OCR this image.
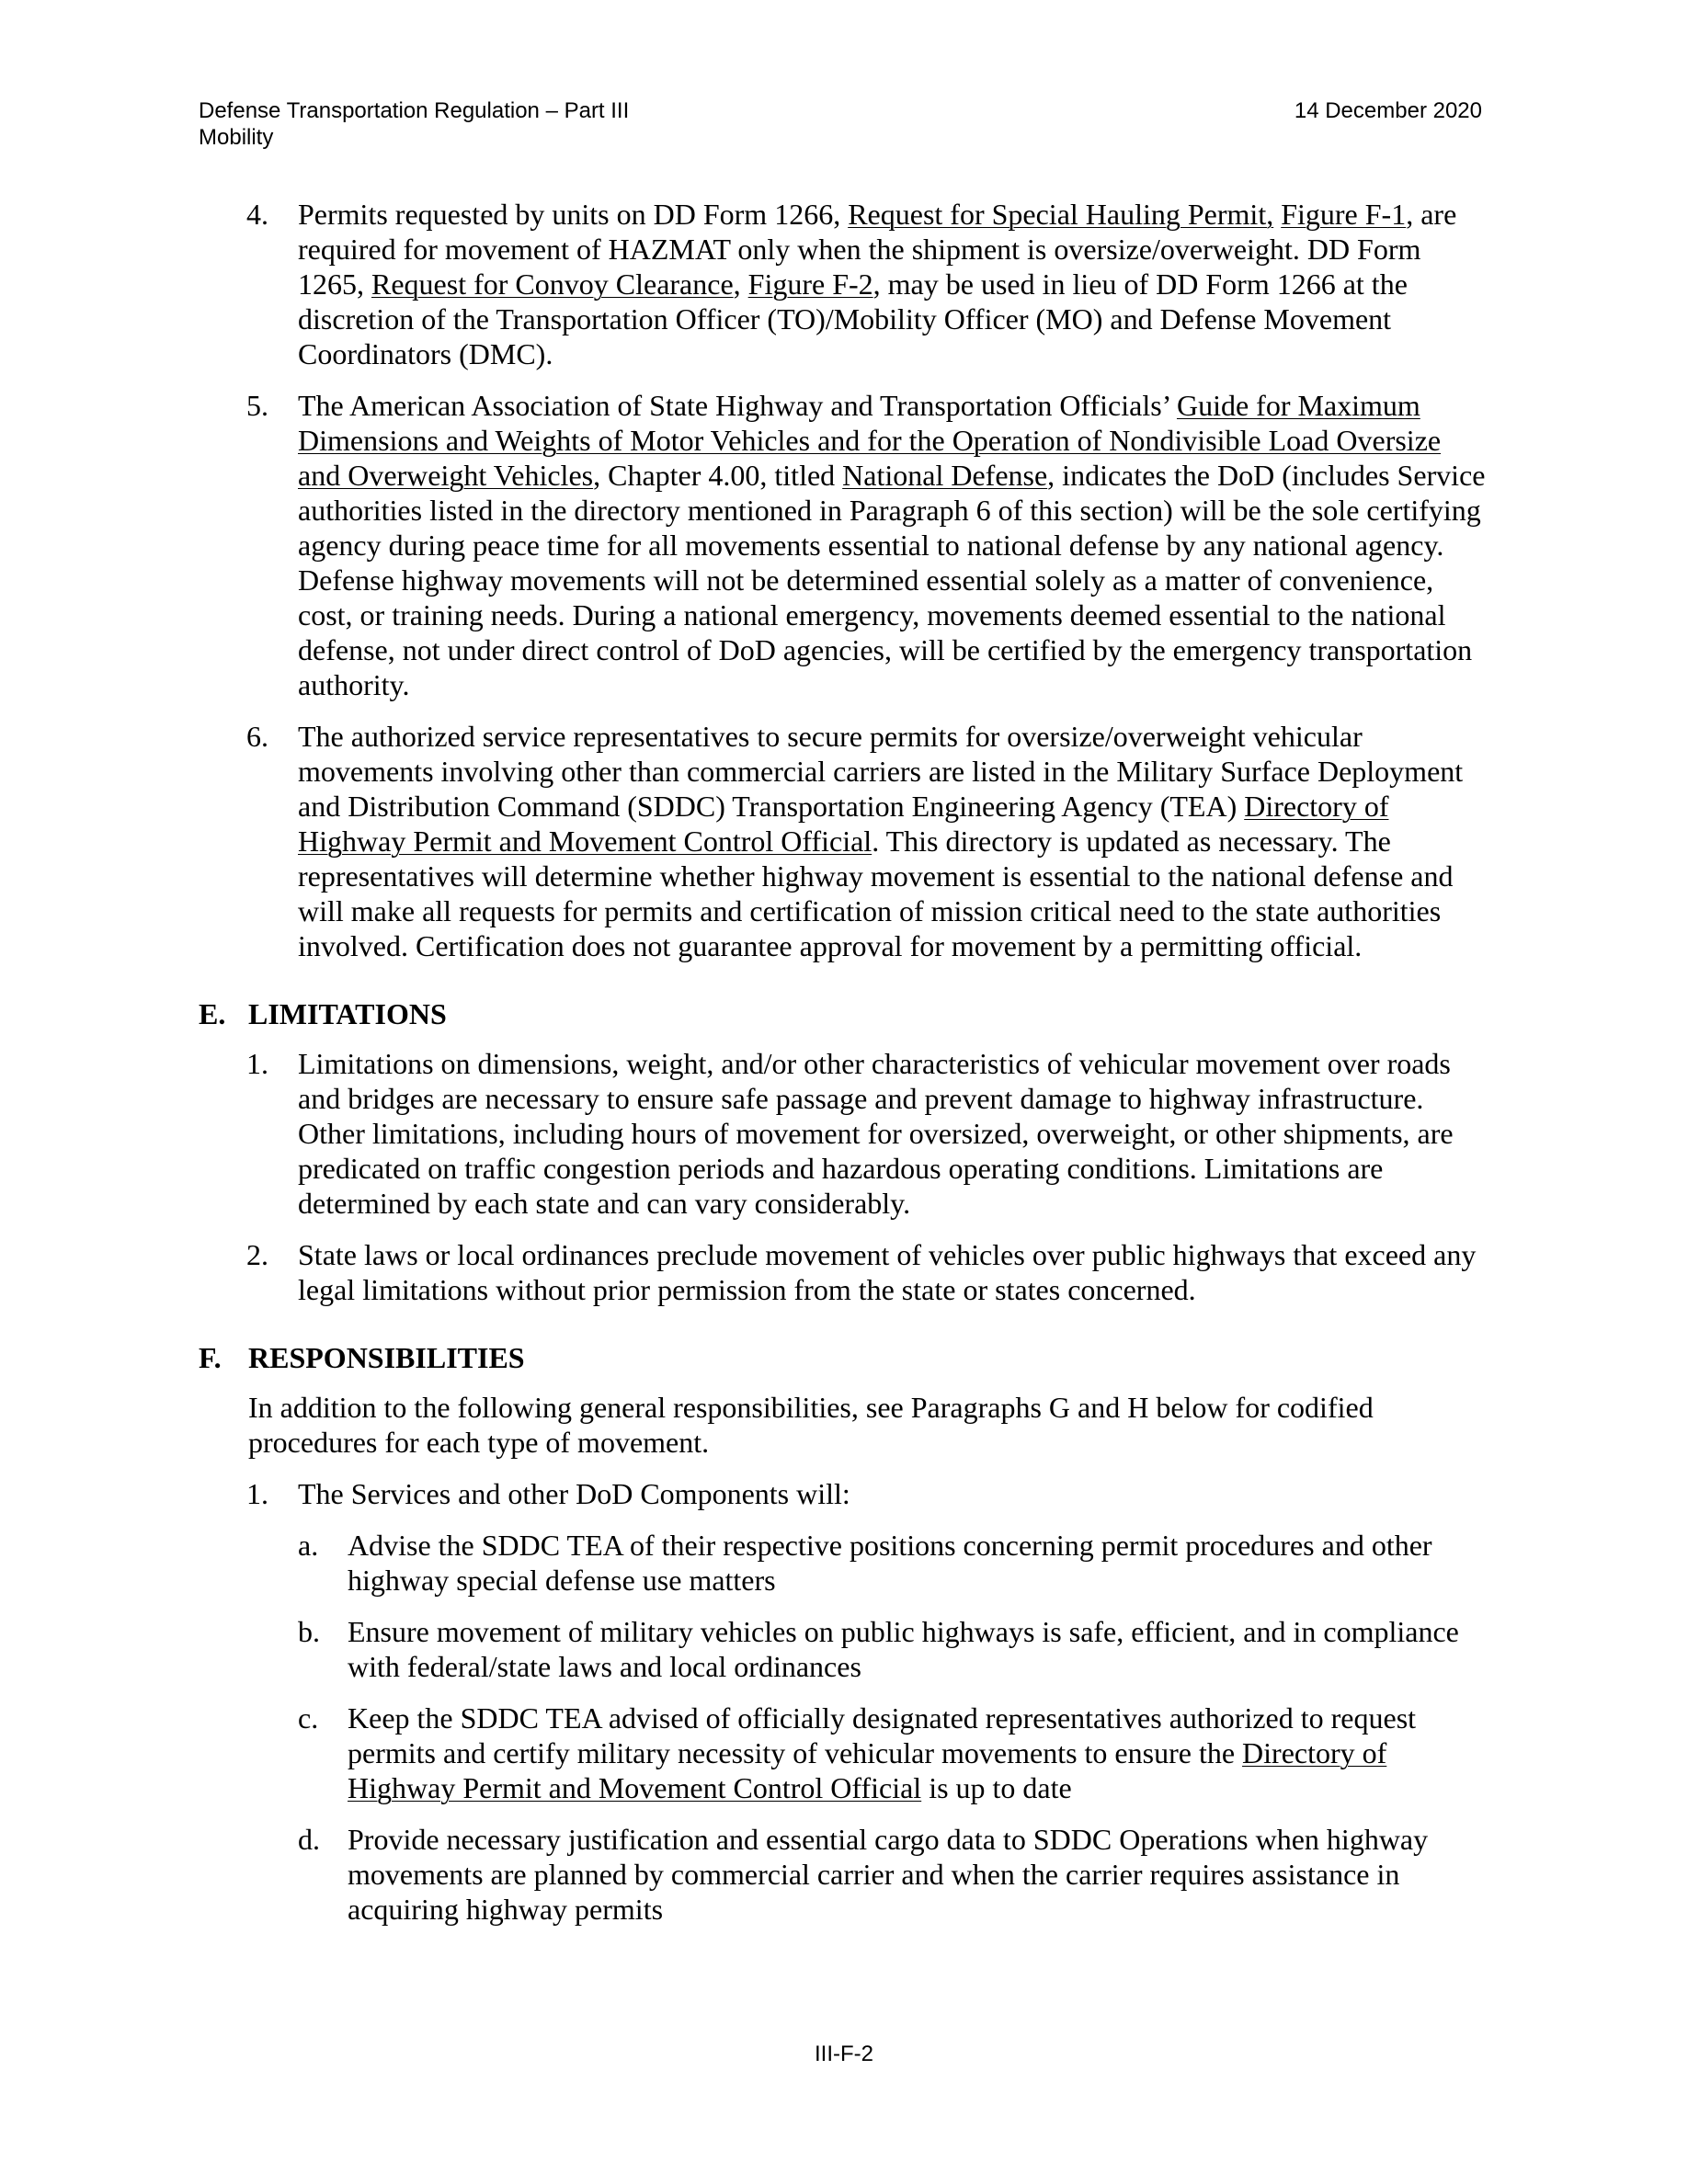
Defense Transportation Regulation – Part III
Mobility
14 December 2020
4. Permits requested by units on DD Form 1266, Request for Special Hauling Permit, Figure F-1, are required for movement of HAZMAT only when the shipment is oversize/overweight. DD Form 1265, Request for Convoy Clearance, Figure F-2, may be used in lieu of DD Form 1266 at the discretion of the Transportation Officer (TO)/Mobility Officer (MO) and Defense Movement Coordinators (DMC).
5. The American Association of State Highway and Transportation Officials’ Guide for Maximum Dimensions and Weights of Motor Vehicles and for the Operation of Nondivisible Load Oversize and Overweight Vehicles, Chapter 4.00, titled National Defense, indicates the DoD (includes Service authorities listed in the directory mentioned in Paragraph 6 of this section) will be the sole certifying agency during peace time for all movements essential to national defense by any national agency. Defense highway movements will not be determined essential solely as a matter of convenience, cost, or training needs. During a national emergency, movements deemed essential to the national defense, not under direct control of DoD agencies, will be certified by the emergency transportation authority.
6. The authorized service representatives to secure permits for oversize/overweight vehicular movements involving other than commercial carriers are listed in the Military Surface Deployment and Distribution Command (SDDC) Transportation Engineering Agency (TEA) Directory of Highway Permit and Movement Control Official. This directory is updated as necessary. The representatives will determine whether highway movement is essential to the national defense and will make all requests for permits and certification of mission critical need to the state authorities involved. Certification does not guarantee approval for movement by a permitting official.
E. LIMITATIONS
1. Limitations on dimensions, weight, and/or other characteristics of vehicular movement over roads and bridges are necessary to ensure safe passage and prevent damage to highway infrastructure. Other limitations, including hours of movement for oversized, overweight, or other shipments, are predicated on traffic congestion periods and hazardous operating conditions. Limitations are determined by each state and can vary considerably.
2. State laws or local ordinances preclude movement of vehicles over public highways that exceed any legal limitations without prior permission from the state or states concerned.
F. RESPONSIBILITIES
In addition to the following general responsibilities, see Paragraphs G and H below for codified procedures for each type of movement.
1. The Services and other DoD Components will:
a. Advise the SDDC TEA of their respective positions concerning permit procedures and other highway special defense use matters
b. Ensure movement of military vehicles on public highways is safe, efficient, and in compliance with federal/state laws and local ordinances
c. Keep the SDDC TEA advised of officially designated representatives authorized to request permits and certify military necessity of vehicular movements to ensure the Directory of Highway Permit and Movement Control Official is up to date
d. Provide necessary justification and essential cargo data to SDDC Operations when highway movements are planned by commercial carrier and when the carrier requires assistance in acquiring highway permits
III-F-2
